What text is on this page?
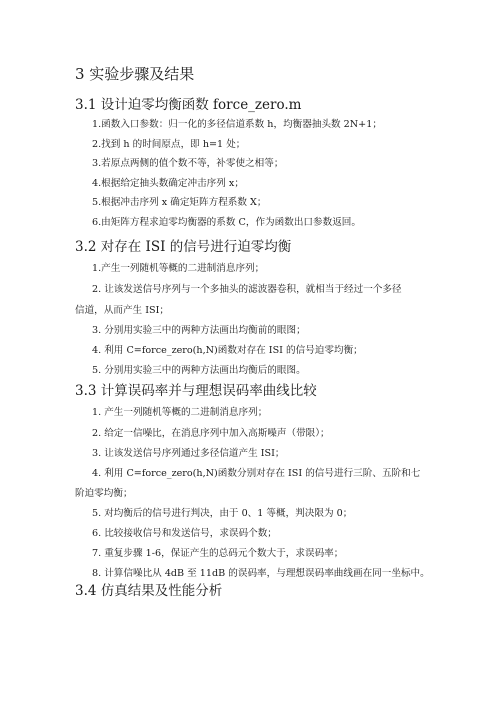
3 实验步骤及结果
3.1 设计迫零均衡函数 force_zero.m
1.函数入口参数：归一化的多径信道系数 h，均衡器抽头数 2N+1；
2.找到 h 的时间原点，即 h=1 处；
3.若原点两侧的值个数不等，补零使之相等；
4.根据给定抽头数确定冲击序列 x；
5.根据冲击序列 x 确定矩阵方程系数 X；
6.由矩阵方程求迫零均衡器的系数 C，作为函数出口参数返回。
3.2 对存在 ISI 的信号进行迫零均衡
1.产生一列随机等概的二进制消息序列；
2. 让该发送信号序列与一个多抽头的滤波器卷积，就相当于经过一个多径
信道，从而产生 ISI；
3. 分别用实验三中的两种方法画出均衡前的眼图；
4. 利用 C=force_zero(h,N)函数对存在 ISI 的信号迫零均衡；
5. 分别用实验三中的两种方法画出均衡后的眼图。
3.3 计算误码率并与理想误码率曲线比较
1. 产生一列随机等概的二进制消息序列；
2. 给定一信噪比，在消息序列中加入高斯噪声（带限）；
3. 让该发送信号序列通过多径信道产生 ISI；
4. 利用 C=force_zero(h,N)函数分别对存在 ISI 的信号进行三阶、五阶和七
阶迫零均衡；
5. 对均衡后的信号进行判决，由于 0、1 等概，判决限为 0；
6. 比较接收信号和发送信号，求误码个数；
7. 重复步骤 1-6，保证产生的总码元个数大于，求误码率；
8. 计算信噪比从 4dB 至 11dB 的误码率，与理想误码率曲线画在同一坐标中。
3.4 仿真结果及性能分析
